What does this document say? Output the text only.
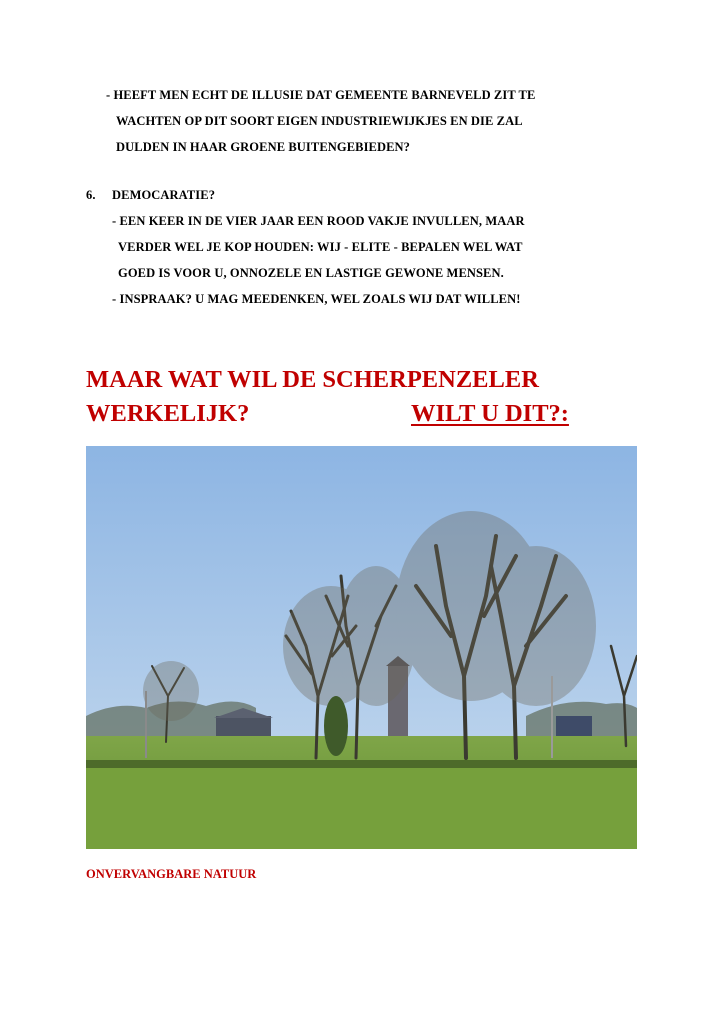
- HEEFT MEN ECHT DE ILLUSIE DAT GEMEENTE BARNEVELD ZIT TE
WACHTEN OP DIT SOORT EIGEN INDUSTRIEWIJKJES EN DIE ZAL
DULDEN IN HAAR GROENE BUITENGEBIEDEN?
6. DEMOCARATIE?
- EEN KEER IN DE VIER JAAR EEN ROOD VAKJE INVULLEN, MAAR
VERDER WEL JE KOP HOUDEN: WIJ - ELITE - BEPALEN WEL WAT
GOED IS VOOR U, ONNOZELE EN LASTIGE GEWONE MENSEN.
- INSPRAAK? U MAG MEEDENKEN, WEL ZOALS WIJ DAT WILLEN!
MAAR WAT WIL DE SCHERPENZELER
WERKELIJK?	WILT U DIT?:
ONVERVANGBARE NATUUR
